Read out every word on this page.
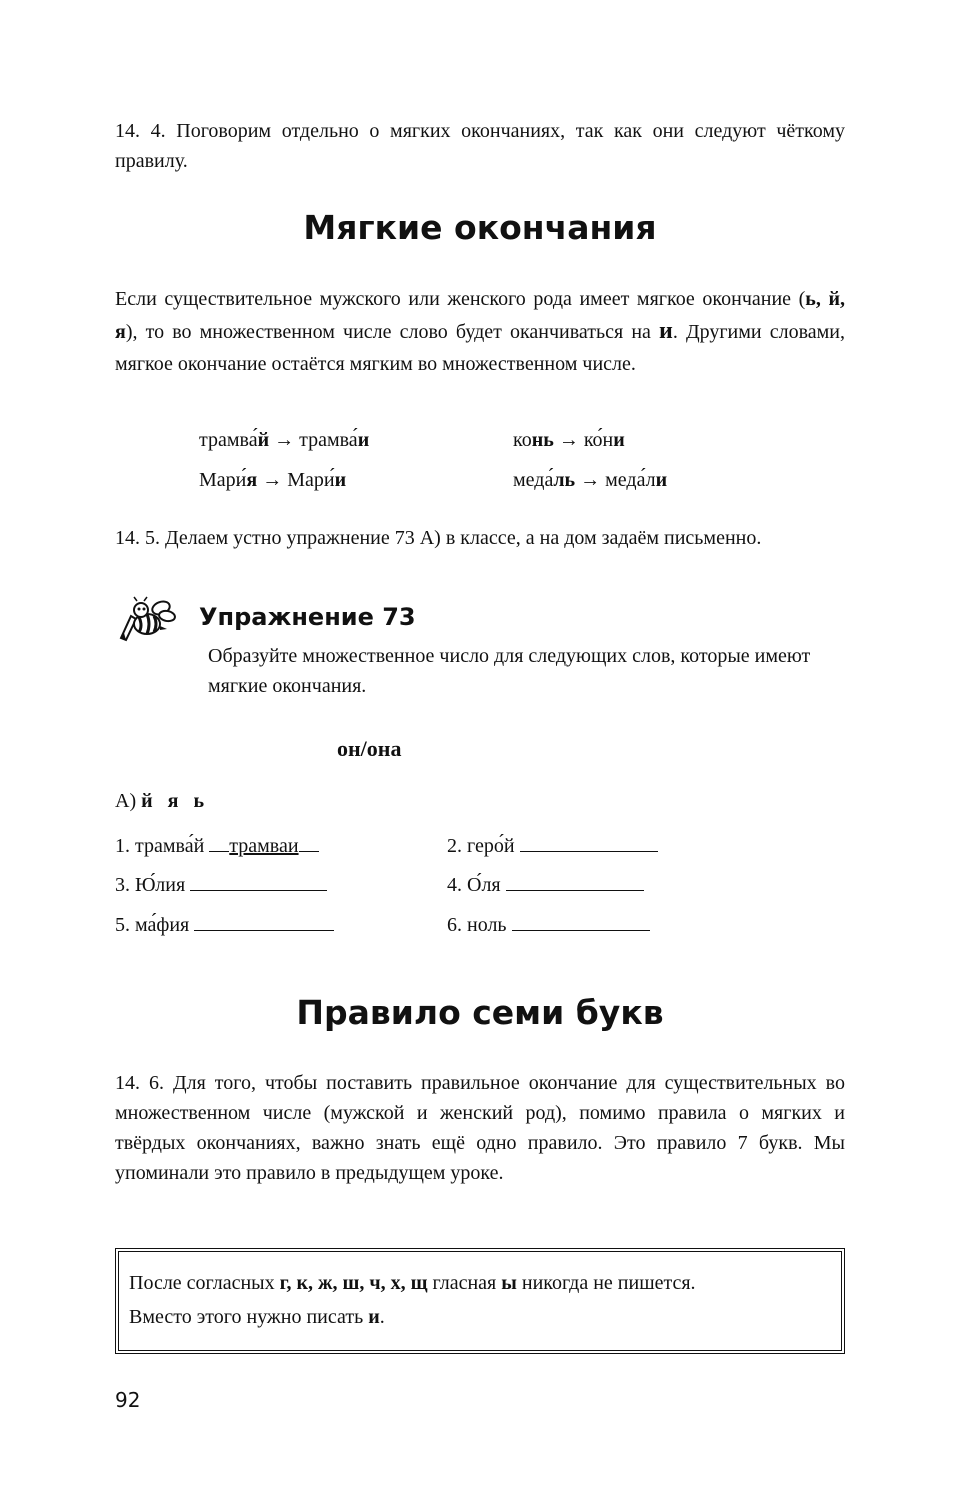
14. 4. Поговорим отдельно о мягких окончаниях, так как они следуют чёткому правилу.
Мягкие окончания
Если существительное мужского или женского рода имеет мягкое окончание (ь, й, я), то во множественном числе слово будет оканчиваться на и. Другими словами, мягкое окончание остаётся мягким во множественном числе.
трамва́й → трамва́и	конь → ко́ни
Мари́я → Мари́и	меда́ль → меда́ли
14. 5. Делаем устно упражнение 73 А) в классе, а на дом задаём письменно.
Упражнение 73
Образуйте множественное число для следующих слов, которые имеют мягкие окончания.
он/она
А) й   я   ь
1. трамва́й трамваи	2. геро́й
3. Ю́лия	4. О́ля
5. ма́фия	6. ноль
Правило семи букв
14. 6. Для того, чтобы поставить правильное окончание для существительных во множественном числе (мужской и женский род), помимо правила о мягких и твёрдых окончаниях, важно знать ещё одно правило. Это правило 7 букв. Мы упоминали это правило в предыдущем уроке.
После согласных г, к, ж, ш, ч, х, щ гласная ы никогда не пишется.
Вместо этого нужно писать и.
92
